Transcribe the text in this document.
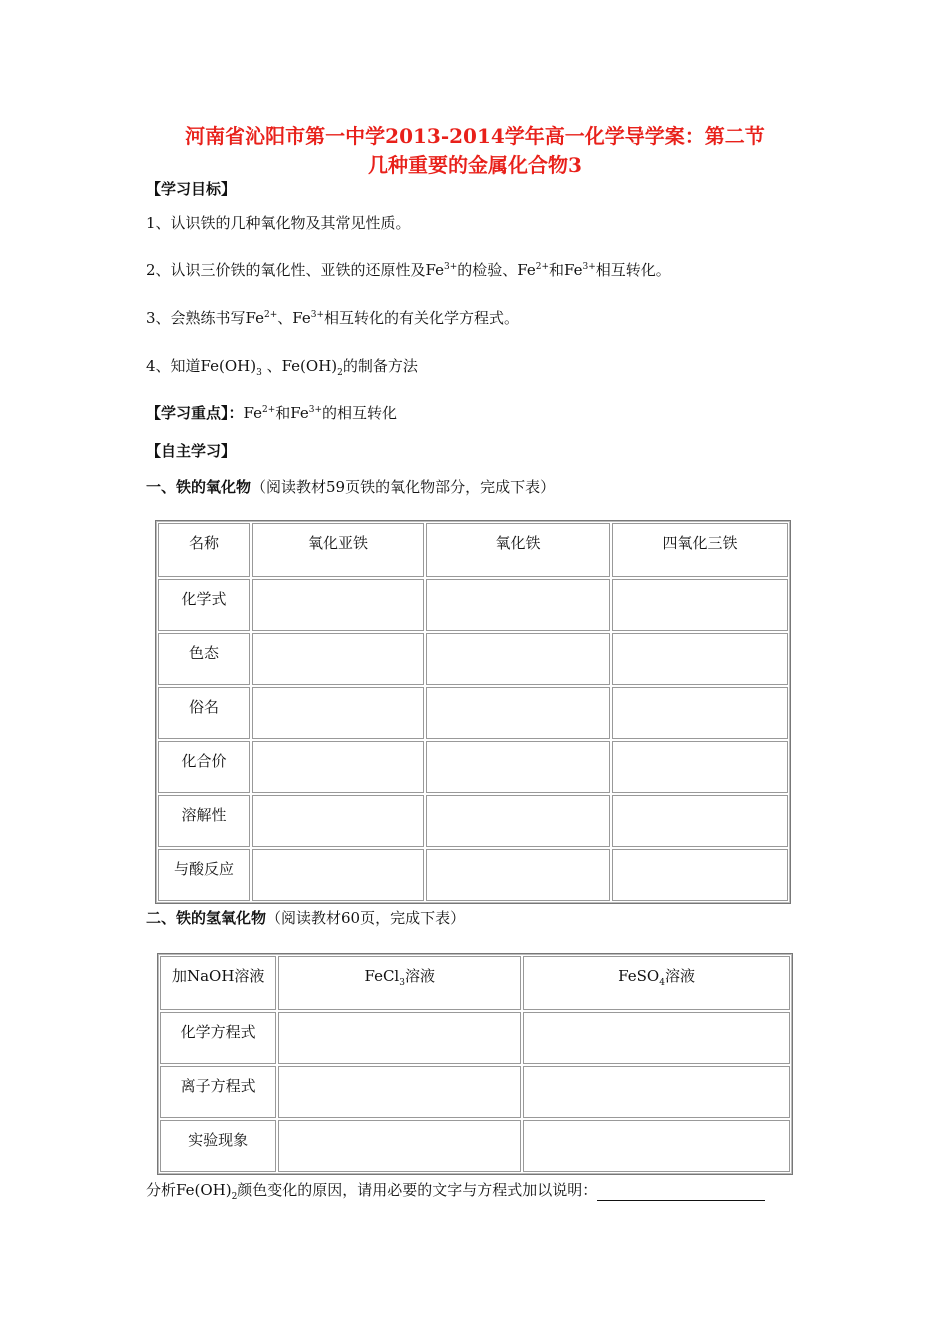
河南省沁阳市第一中学2013-2014学年高一化学导学案：第二节
几种重要的金属化合物3
【学习目标】
1、认识铁的几种氧化物及其常见性质。
2、认识三价铁的氧化性、亚铁的还原性及$Fe^{3+}$的检验、$Fe^{2+}$和$Fe^{3+}$相互转化。
3、会熟练书写$Fe^{2+}$、$Fe^{3+}$相互转化的有关化学方程式。
4、知道$Fe(OH)_3$ 、$Fe(OH)_2$的制备方法
【学习重点】：$Fe^{2+}$和$Fe^{3+}$的相互转化
【自主学习】
一、铁的氧化物（阅读教材59页铁的氧化物部分，完成下表）
名称	氧化亚铁	氧化铁	四氧化三铁
化学式			
色态			
俗名			
化合价			
溶解性			
与酸反应			
二、铁的氢氧化物（阅读教材60页，完成下表）
加NaOH溶液	FeCl$_3$溶液	FeSO$_4$溶液
化学方程式		
离子方程式		
实验现象		
分析$Fe(OH)_2$颜色变化的原因，请用必要的文字与方程式加以说明：
